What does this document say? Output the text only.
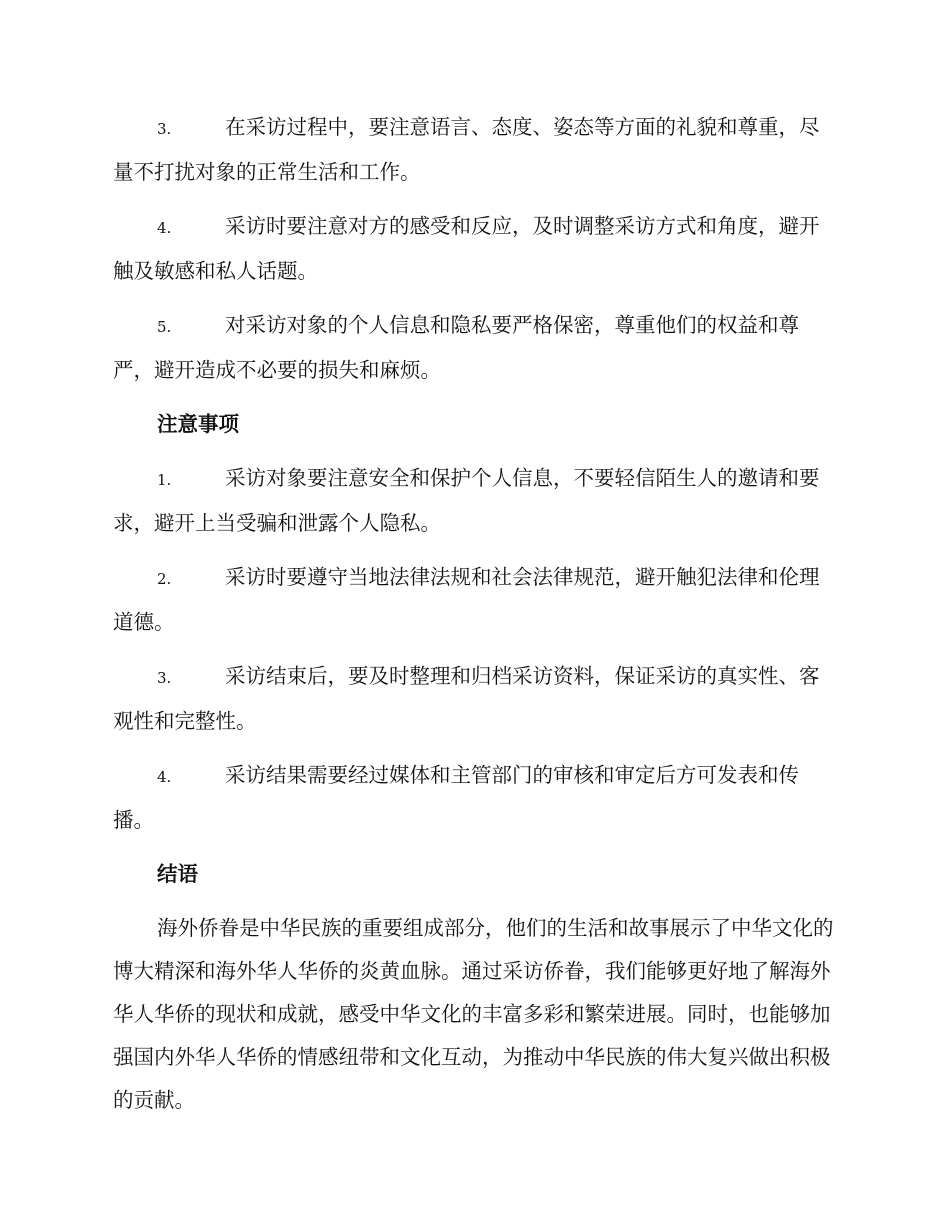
3.	在采访过程中，要注意语言、态度、姿态等方面的礼貌和尊重，尽量不打扰对象的正常生活和工作。
4.	采访时要注意对方的感受和反应，及时调整采访方式和角度，避开触及敏感和私人话题。
5.	对采访对象的个人信息和隐私要严格保密，尊重他们的权益和尊严，避开造成不必要的损失和麻烦。
注意事项
1.	采访对象要注意安全和保护个人信息，不要轻信陌生人的邀请和要求，避开上当受骗和泄露个人隐私。
2.	采访时要遵守当地法律法规和社会法律规范，避开触犯法律和伦理道德。
3.	采访结束后，要及时整理和归档采访资料，保证采访的真实性、客观性和完整性。
4.	采访结果需要经过媒体和主管部门的审核和审定后方可发表和传播。
结语

海外侨眷是中华民族的重要组成部分，他们的生活和故事展示了中华文化的博大精深和海外华人华侨的炎黄血脉。通过采访侨眷，我们能够更好地了解海外华人华侨的现状和成就，感受中华文化的丰富多彩和繁荣进展。同时，也能够加强国内外华人华侨的情感纽带和文化互动，为推动中华民族的伟大复兴做出积极的贡献。
